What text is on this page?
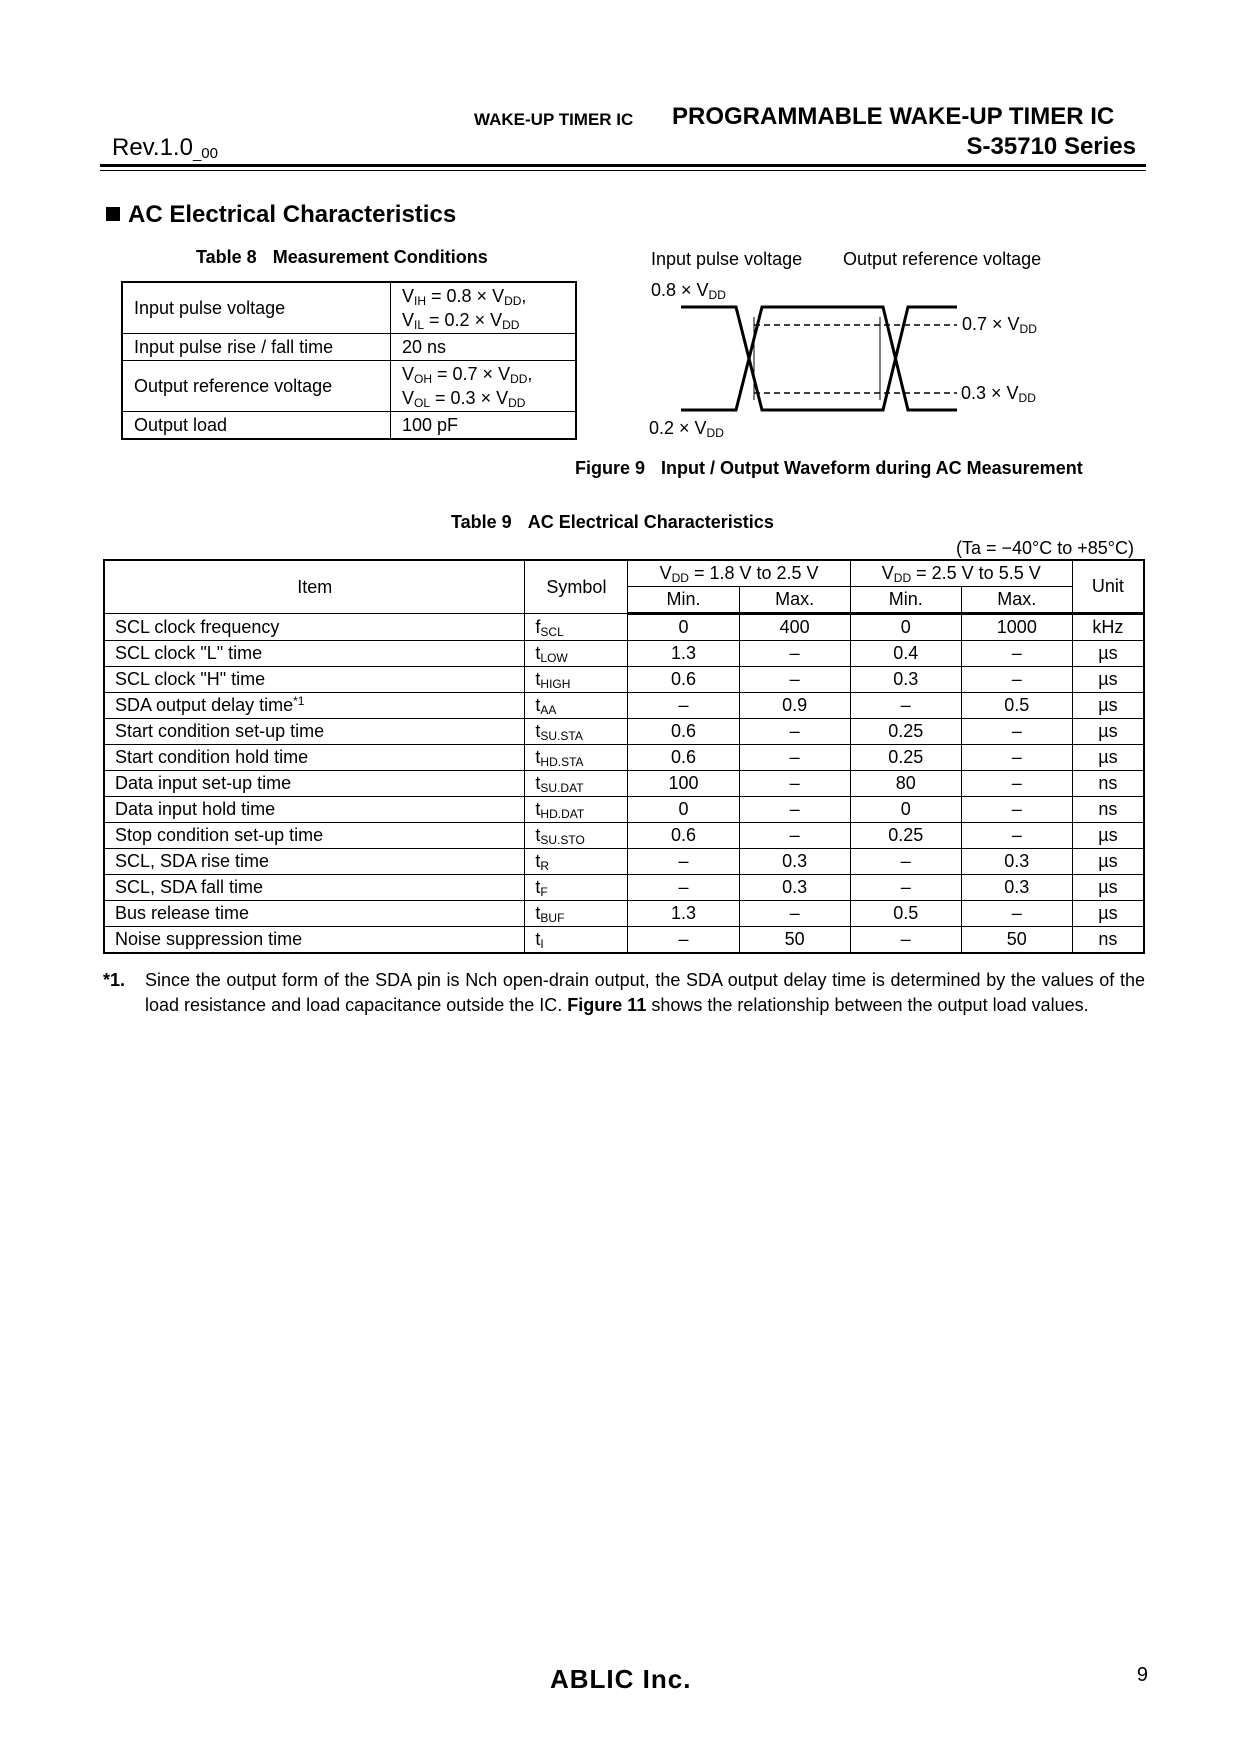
WAKE-UP TIMER IC PROGRAMMABLE WAKE-UP TIMER IC
$Rev.1.0_{\_00}$	S-35710 Series
AC Electrical Characteristics
Table 8 Measurement Conditions
Input pulse voltage	$V_{IH} = 0.8 \times V_{DD}$,
$V_{IL} = 0.2 \times V_{DD}$

Input pulse rise / fall time	20 ns
Output reference voltage	$V_{OH} = 0.7 \times V_{DD}$,
$V_{OL} = 0.3 \times V_{DD}$

Output load	100 pF
Input pulse voltage Output reference voltage
$0.8 \times V_{DD}$
$0.2 \times V_{DD}$
$0.7 \times V_{DD}$
$0.3 \times V_{DD}$
Figure 9 Input / Output Waveform during AC Measurement
Table 9 AC Electrical Characteristics
(Ta = −40°C to +85°C)
Item	Symbol	$V_{DD} = 1.8$ V to 2.5 V		$V_{DD} = 2.5$ V to 5.5 V		Unit
		Min.	Max.	Min.	Max.	
SCL clock frequency	$f_{SCL}$	0	400	0	1000	kHz
SCL clock "L" time	$t_{LOW}$	1.3	–	0.4	–	µs
SCL clock "H" time	$t_{HIGH}$	0.6	–	0.3	–	µs
SDA output delay time$^{*1}$	$t_{AA}$	–	0.9	–	0.5	µs
Start condition set-up time	$t_{SU.STA}$	0.6	–	0.25	–	µs
Start condition hold time	$t_{HD.STA}$	0.6	–	0.25	–	µs
Data input set-up time	$t_{SU.DAT}$	100	–	80	–	ns
Data input hold time	$t_{HD.DAT}$	0	–	0	–	ns
Stop condition set-up time	$t_{SU.STO}$	0.6	–	0.25	–	µs
SCL, SDA rise time	$t_R$	–	0.3	–	0.3	µs
SCL, SDA fall time	$t_F$	–	0.3	–	0.3	µs
Bus release time	$t_{BUF}$	1.3	–	0.5	–	µs
Noise suppression time	$t_I$	–	50	–	50	ns
*1. Since the output form of the SDA pin is Nch open-drain output, the SDA output delay time is determined by the values of the load resistance and load capacitance outside the IC. Figure 11 shows the relationship between the output load values.
ABLIC Inc.	9
